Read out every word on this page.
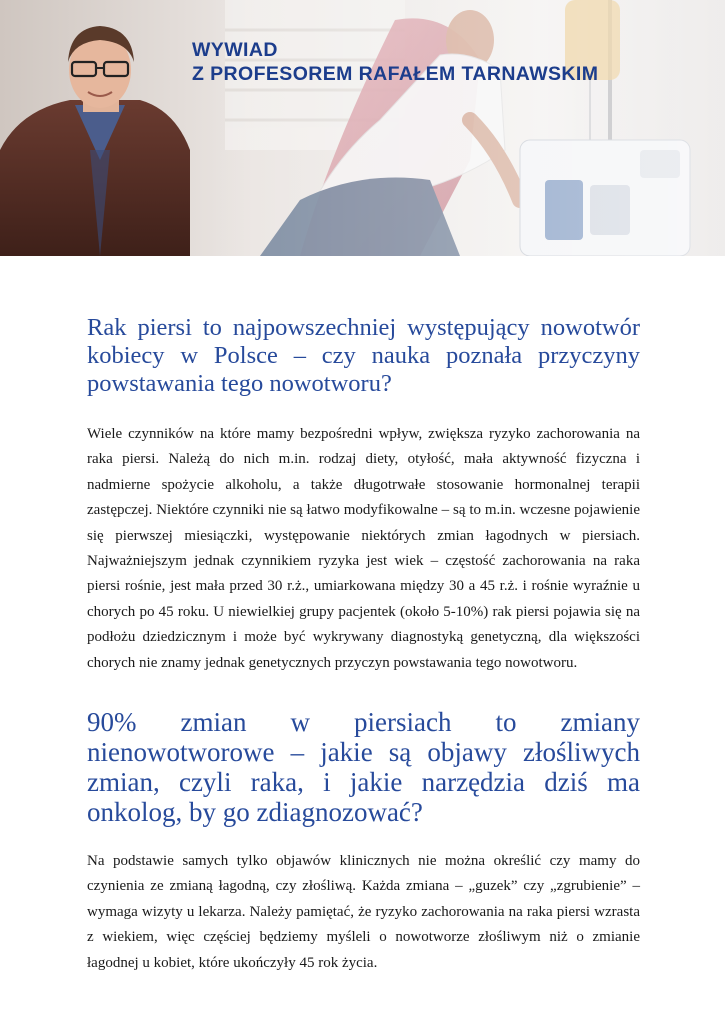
WYWIAD
Z PROFESOREM RAFAŁEM TARNAWSKIM
Rak piersi to najpowszechniej występujący nowotwór kobiecy w Polsce – czy nauka poznała przyczyny powstawania tego nowotworu?

Wiele czynników na które mamy bezpośredni wpływ, zwiększa ryzyko zachorowania na raka piersi. Należą do nich m.in. rodzaj diety, otyłość, mała aktywność fizyczna i nadmierne spożycie alkoholu, a także długotrwałe stosowanie hormonalnej terapii zastępczej. Niektóre czynniki nie są łatwo modyfikowalne – są to m.in. wczesne pojawienie się pierwszej miesiączki, występowanie niektórych zmian łagodnych w piersiach. Najważniejszym jednak czynnikiem ryzyka jest wiek – częstość zachorowania na raka piersi rośnie, jest mała przed 30 r.ż., umiarkowana między 30 a 45 r.ż. i rośnie wyraźnie u chorych po 45 roku. U niewielkiej grupy pacjentek (około 5-10%) rak piersi pojawia się na podłożu dziedzicznym i może być wykrywany diagnostyką genetyczną, dla większości chorych nie znamy jednak genetycznych przyczyn powstawania tego nowotworu.

90% zmian w piersiach to zmiany nienowotworowe – jakie są objawy złośliwych zmian, czyli raka, i jakie narzędzia dziś ma onkolog, by go zdiagnozować?

Na podstawie samych tylko objawów klinicznych nie można określić czy mamy do czynienia ze zmianą łagodną, czy złośliwą. Każda zmiana – „guzek” czy „zgrubienie” – wymaga wizyty u lekarza. Należy pamiętać, że ryzyko zachorowania na raka piersi wzrasta z wiekiem, więc częściej będziemy myśleli o nowotworze złośliwym niż o zmianie łagodnej u kobiet, które ukończyły 45 rok życia.
